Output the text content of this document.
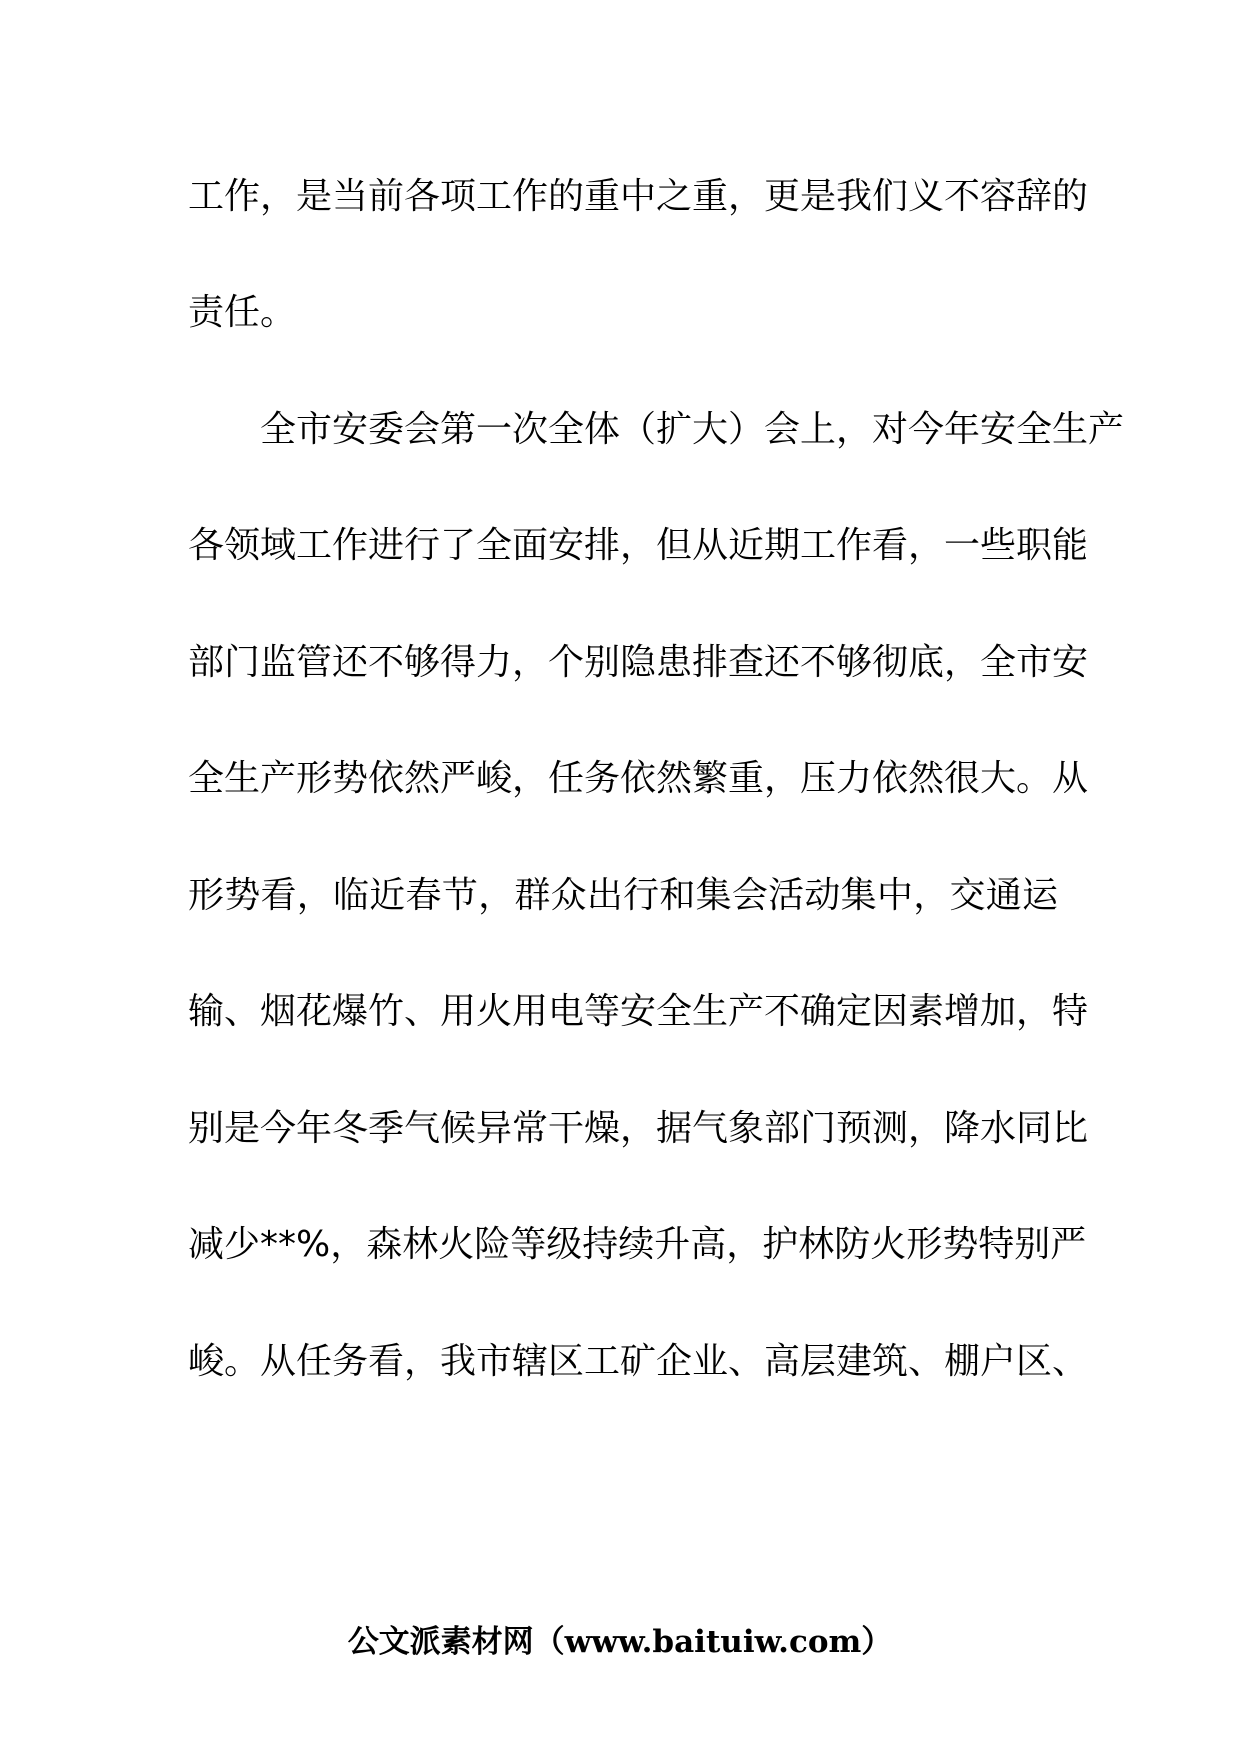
工作，是当前各项工作的重中之重，更是我们义不容辞的
责任。
　　全市安委会第一次全体（扩大）会上，对今年安全生产
各领域工作进行了全面安排，但从近期工作看，一些职能
部门监管还不够得力，个别隐患排查还不够彻底，全市安
全生产形势依然严峻，任务依然繁重，压力依然很大。从
形势看，临近春节，群众出行和集会活动集中，交通运
输、烟花爆竹、用火用电等安全生产不确定因素增加，特
别是今年冬季气候异常干燥，据气象部门预测，降水同比
减少**%，森林火险等级持续升高，护林防火形势特别严
峻。从任务看，我市辖区工矿企业、高层建筑、棚户区、
公文派素材网（www.baituiw.com）
